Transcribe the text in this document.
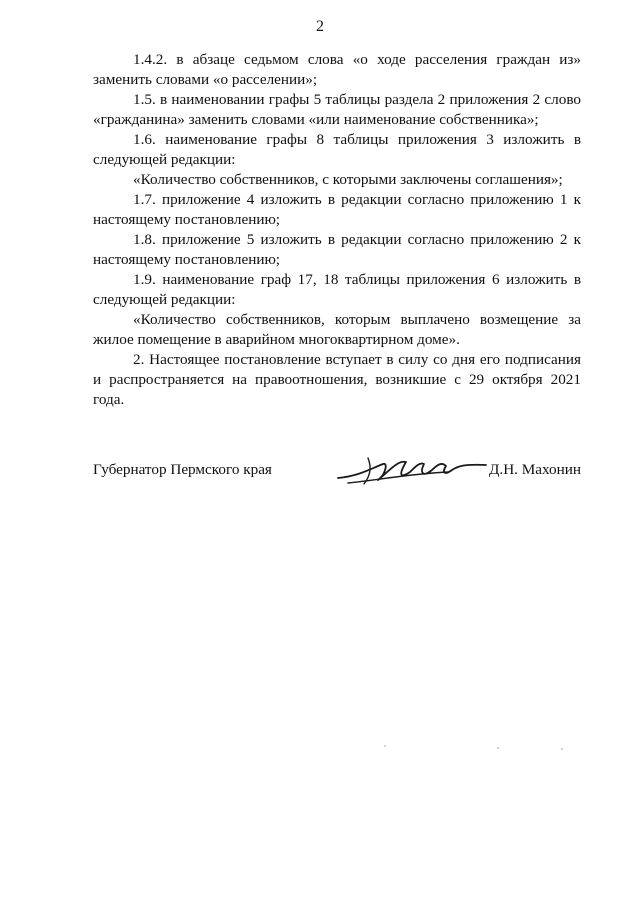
2

1.4.2. в абзаце седьмом слова «о ходе расселения граждан из» заменить словами «о расселении»;

1.5. в наименовании графы 5 таблицы раздела 2 приложения 2 слово «гражданина» заменить словами «или наименование собственника»;

1.6. наименование графы 8 таблицы приложения 3 изложить в следующей редакции:

«Количество собственников, с которыми заключены соглашения»;

1.7. приложение 4 изложить в редакции согласно приложению 1 к настоящему постановлению;

1.8. приложение 5 изложить в редакции согласно приложению 2 к настоящему постановлению;

1.9. наименование граф 17, 18 таблицы приложения 6 изложить в следующей редакции:

«Количество собственников, которым выплачено возмещение за жилое помещение в аварийном многоквартирном доме».

2. Настоящее постановление вступает в силу со дня его подписания и распространяется на правоотношения, возникшие с 29 октября 2021 года.

Губернатор Пермского края	Д.Н. Махонин
